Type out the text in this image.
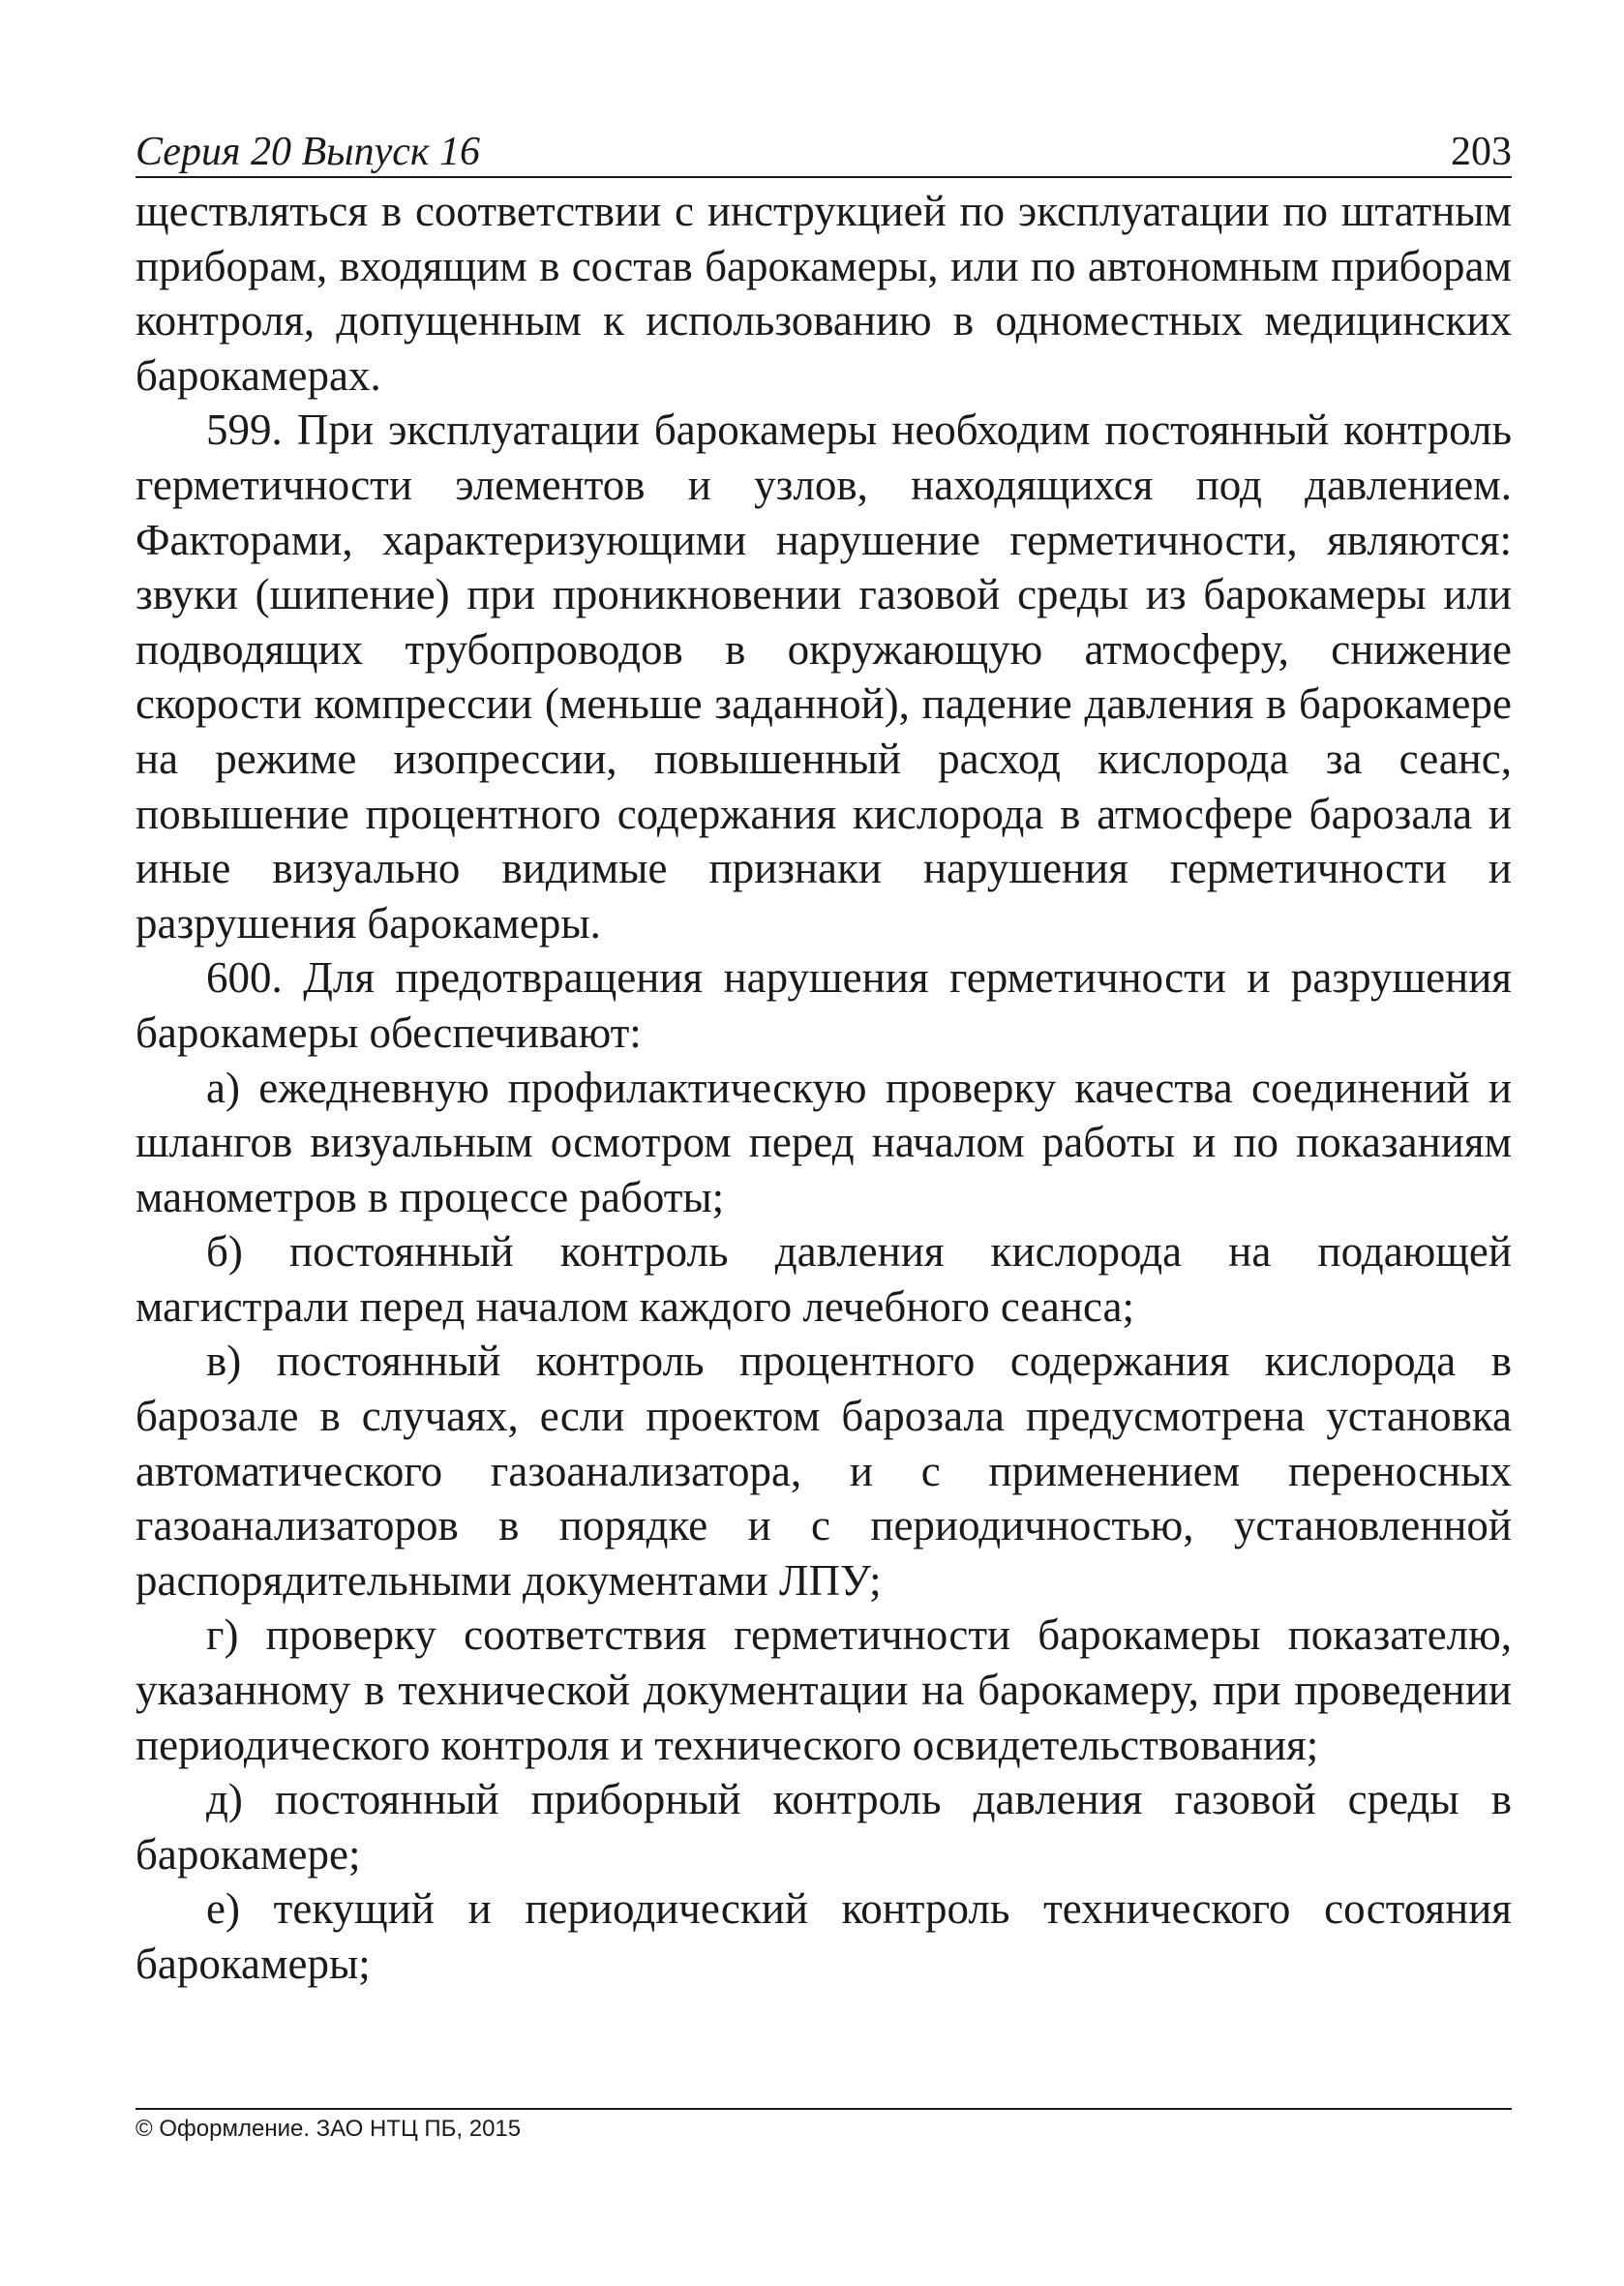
Серия 20 Выпуск 16	203

ществляться в соответствии с инструкцией по эксплуатации по штатным приборам, входящим в состав барокамеры, или по автономным приборам контроля, допущенным к использованию в одноместных медицинских барокамерах.

599. При эксплуатации барокамеры необходим постоянный контроль герметичности элементов и узлов, находящихся под давлением. Факторами, характеризующими нарушение герметичности, являются: звуки (шипение) при проникновении газовой среды из барокамеры или подводящих трубопроводов в окружающую атмосферу, снижение скорости компрессии (меньше заданной), падение давления в барокамере на режиме изопрессии, повышенный расход кислорода за сеанс, повышение процентного содержания кислорода в атмосфере барозала и иные визуально видимые признаки нарушения герметичности и разрушения барокамеры.

600. Для предотвращения нарушения герметичности и разрушения барокамеры обеспечивают:

а) ежедневную профилактическую проверку качества соединений и шлангов визуальным осмотром перед началом работы и по показаниям манометров в процессе работы;

б) постоянный контроль давления кислорода на подающей магистрали перед началом каждого лечебного сеанса;

в) постоянный контроль процентного содержания кислорода в барозале в случаях, если проектом барозала предусмотрена установка автоматического газоанализатора, и с применением переносных газоанализаторов в порядке и с периодичностью, установленной распорядительными документами ЛПУ;

г) проверку соответствия герметичности барокамеры показателю, указанному в технической документации на барокамеру, при проведении периодического контроля и технического освидетельствования;

д) постоянный приборный контроль давления газовой среды в барокамере;

е) текущий и периодический контроль технического состояния барокамеры;

© Оформление. ЗАО НТЦ ПБ, 2015
